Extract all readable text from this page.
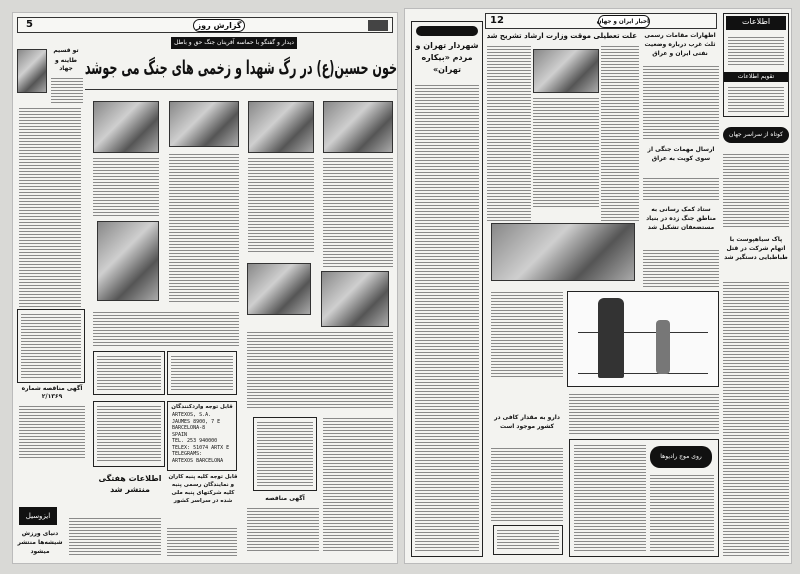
5	گزارش روز
دیدار و گفتگو با حماسه آفرینان جنگ حق و باطل
خون حسین(ع) در رگ شهدا و زخمی های جنگ می جوشد
تو قسیم
طاينه و جهاد
آگهی مناقصه شماره ۲/۱۳۶۹
قابل توجه واردکنندگان
ARTEXOS, S.A.
JAUMES 8900, 7 E
BARCELONA-8
SPAIN
TEL. 253 940000
TELEX: 51074 ARTX E
TELEGRAMS:
ARTEXOS BARCELONA
اطلاعات هفتگی منتشر شد
قابل توجه کلیه پنبه کاران و نمایندگان رسمی پنبه کلیه شرکتهای پنبه ملی شده در سراسر کشور	آگهی مناقصه
ایزوسیل
دنیای ورزش شیشه‌ها منتشر میشود
12	اخبار ایران و جهان	اطلاعات
تقویم اطلاعات
شهردار تهران و مردم «بیکاره تهران»
علت تعطیلی موقت وزارت ارشاد تشریح شد	اظهارات مقامات رسمی ثلث غرب درباره وضعیت نفتی ایران و عراق
ارسال مهمات جنگی از سوی کویت به عراق
ستاد کمک رسانی به مناطق جنگ زده در بنیاد مستضعفان تشکیل شد
پاک سیاهپوست با اتهام شرکت در قتل طباطبایی دستگیر شد
دارو به مقدار کافی در کشور موجود است
روی موج رادیوها
کوتاه از سراسر جهان
